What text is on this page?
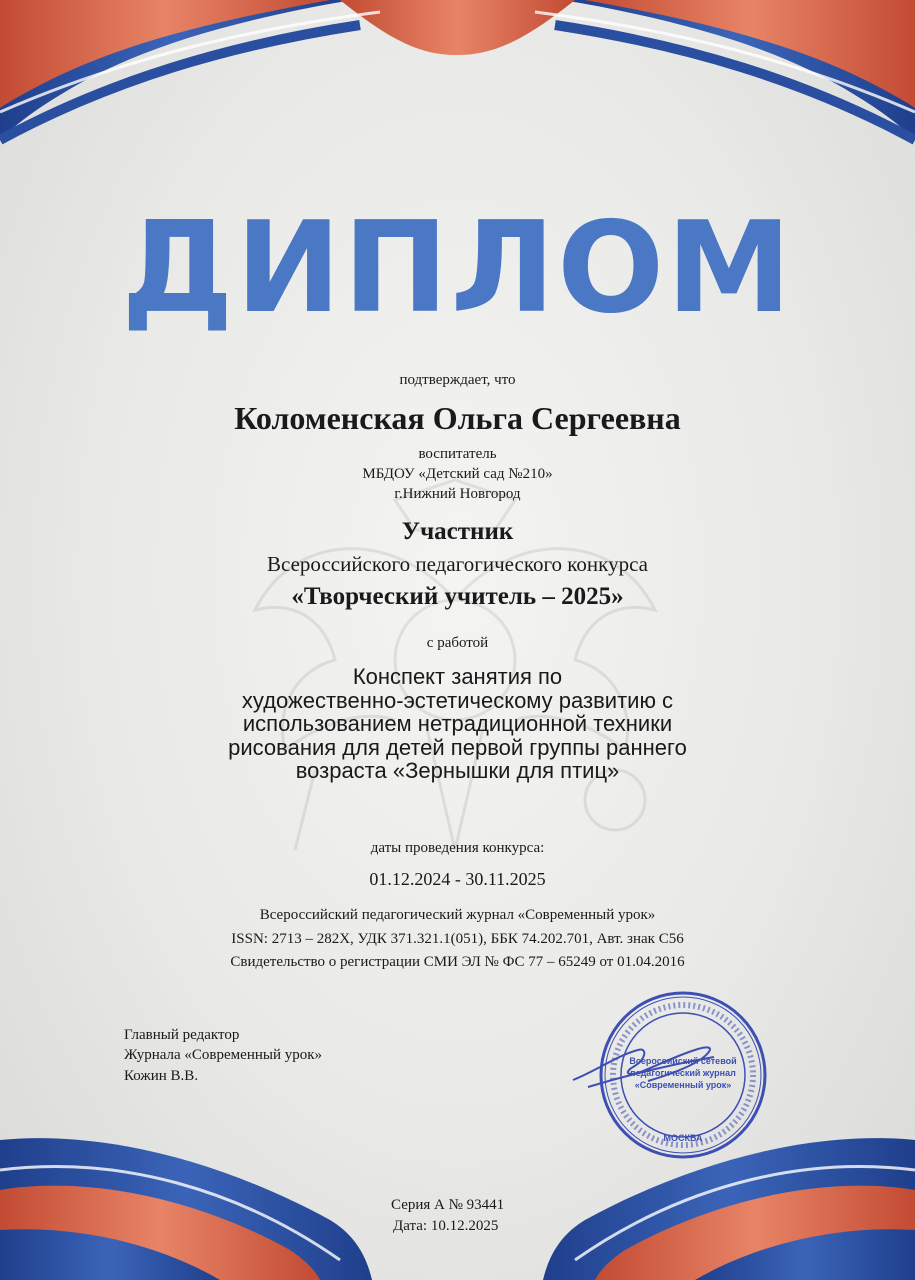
ДИПЛОМ
подтверждает, что
Коломенская Ольга Сергеевна
воспитатель
МБДОУ «Детский сад №210»
г.Нижний Новгород
Участник
Всероссийского педагогического конкурса
«Творческий учитель – 2025»
с работой
Конспект занятия по
художественно-эстетическому развитию с
использованием нетрадиционной техники
рисования для детей первой группы раннего
возраста «Зернышки для птиц»
даты проведения конкурса:
01.12.2024 - 30.11.2025
Всероссийский педагогический журнал «Современный урок»
ISSN: 2713 – 282X, УДК 371.321.1(051), ББК 74.202.701, Авт. знак С56
Свидетельство о регистрации СМИ ЭЛ № ФС 77 – 65249 от 01.04.2016
Главный редактор
Журнала «Современный урок»
Кожин В.В.
Всероссийский сетевой
педагогический журнал
«Современный урок»
МОСКВА
Серия А № 93441
Дата: 10.12.2025
